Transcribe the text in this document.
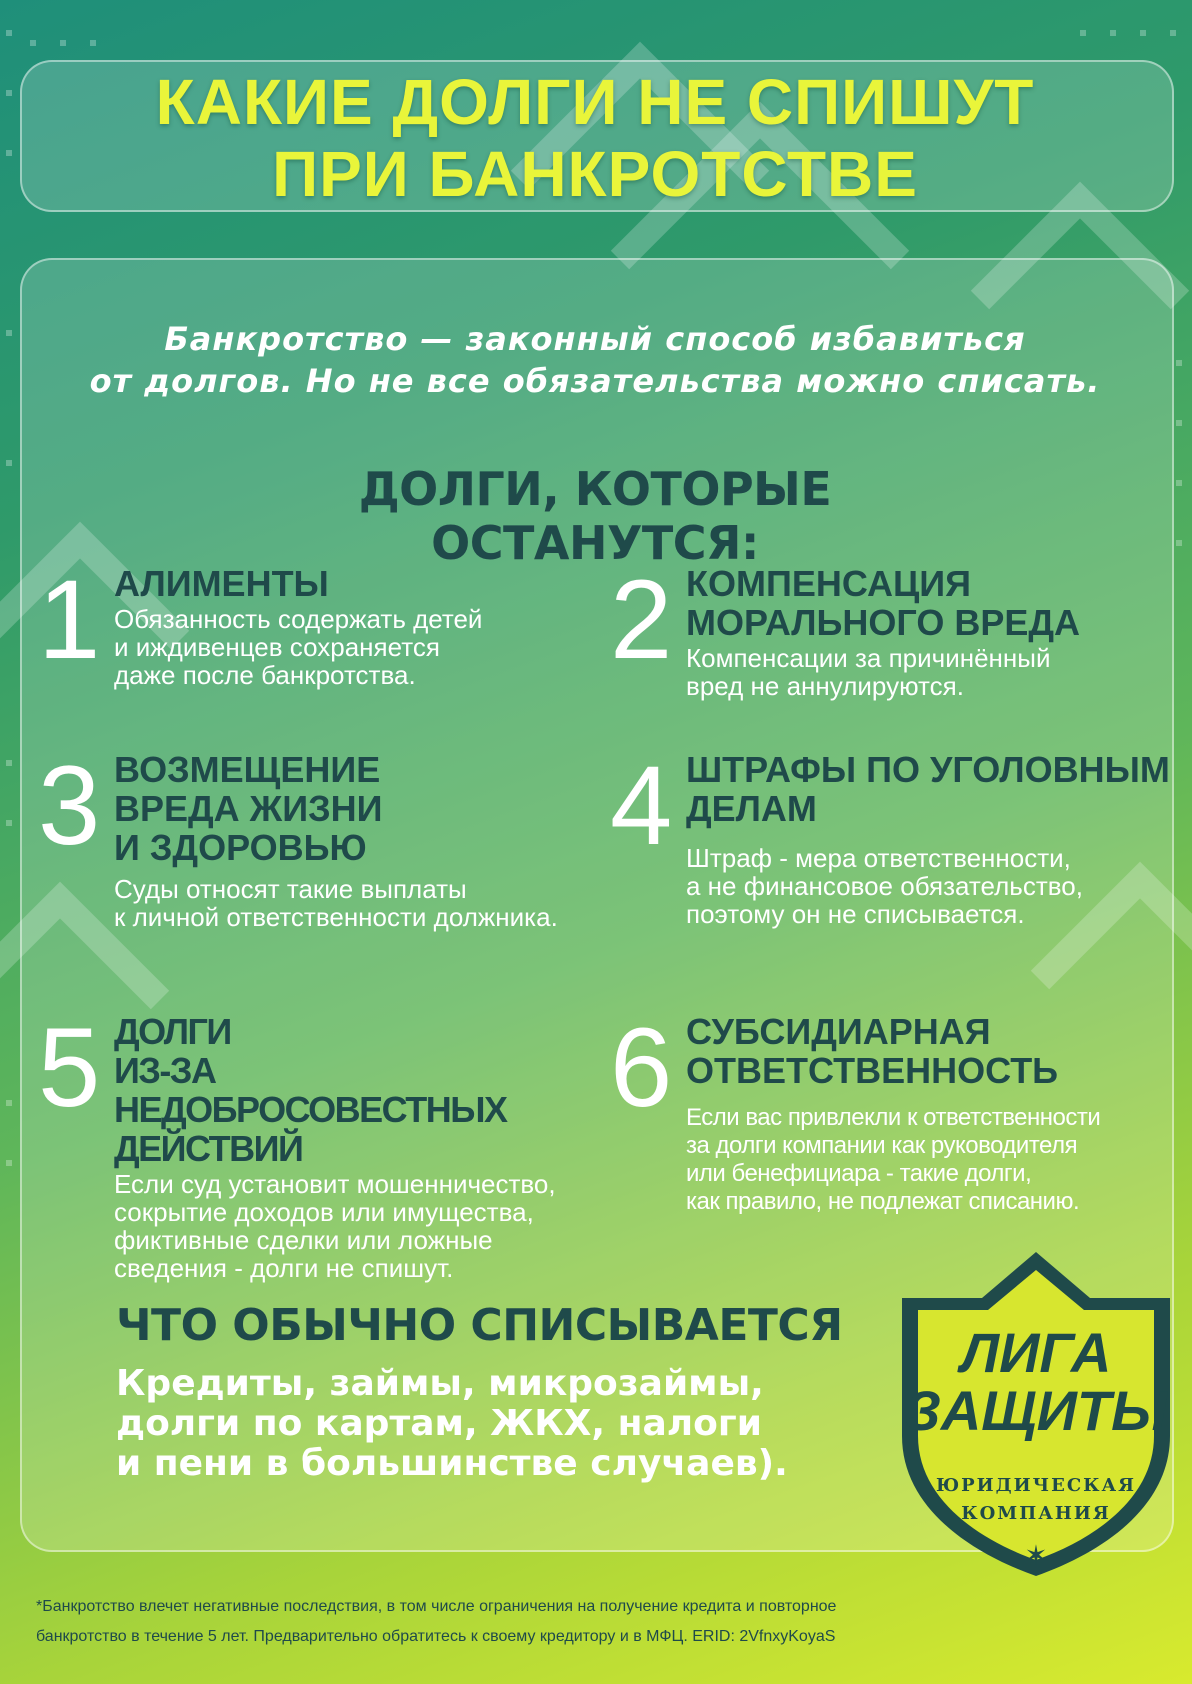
КАКИЕ ДОЛГИ НЕ СПИШУТ
ПРИ БАНКРОТСТВЕ
Банкротство — законный способ избавиться
от долгов. Но не все обязательства можно списать.
ДОЛГИ, КОТОРЫЕ ОСТАНУТСЯ:
1 АЛИМЕНТЫ
Обязанность содержать детей
и иждивенцев сохраняется
даже после банкротства.	2 КОМПЕНСАЦИЯ
МОРАЛЬНОГО ВРЕДА
Компенсации за причинённый
вред не аннулируются.
3 ВОЗМЕЩЕНИЕ
ВРЕДА ЖИЗНИ
И ЗДОРОВЬЮ
Суды относят такие выплаты
к личной ответственности должника.
4 ШТРАФЫ ПО УГОЛОВНЫМ
ДЕЛАМ
Штраф - мера ответственности,
а не финансовое обязательство,
поэтому он не списывается.
5 ДОЛГИ
ИЗ-ЗА НЕДОБРОСОВЕСТНЫХ
ДЕЙСТВИЙ
Если суд установит мошенничество,
сокрытие доходов или имущества,
фиктивные сделки или ложные
сведения - долги не спишут.
6 СУБСИДИАРНАЯ
ОТВЕТСТВЕННОСТЬ
Если вас привлекли к ответственности
за долги компании как руководителя
или бенефициара - такие долги,
как правило, не подлежат списанию.
ЧТО ОБЫЧНО СПИСЫВАЕТСЯ
Кредиты, займы, микрозаймы,
долги по картам, ЖКХ, налоги
и пени в большинстве случаев).
ЛИГА
ЗАЩИТЫ
ЮРИДИЧЕСКАЯ
КОМПАНИЯ
✶
*Банкротство влечет негативные последствия, в том числе ограничения на получение кредита и повторное
банкротство в течение 5 лет. Предварительно обратитесь к своему кредитору и в МФЦ. ERID: 2VfnxyKoyaS
